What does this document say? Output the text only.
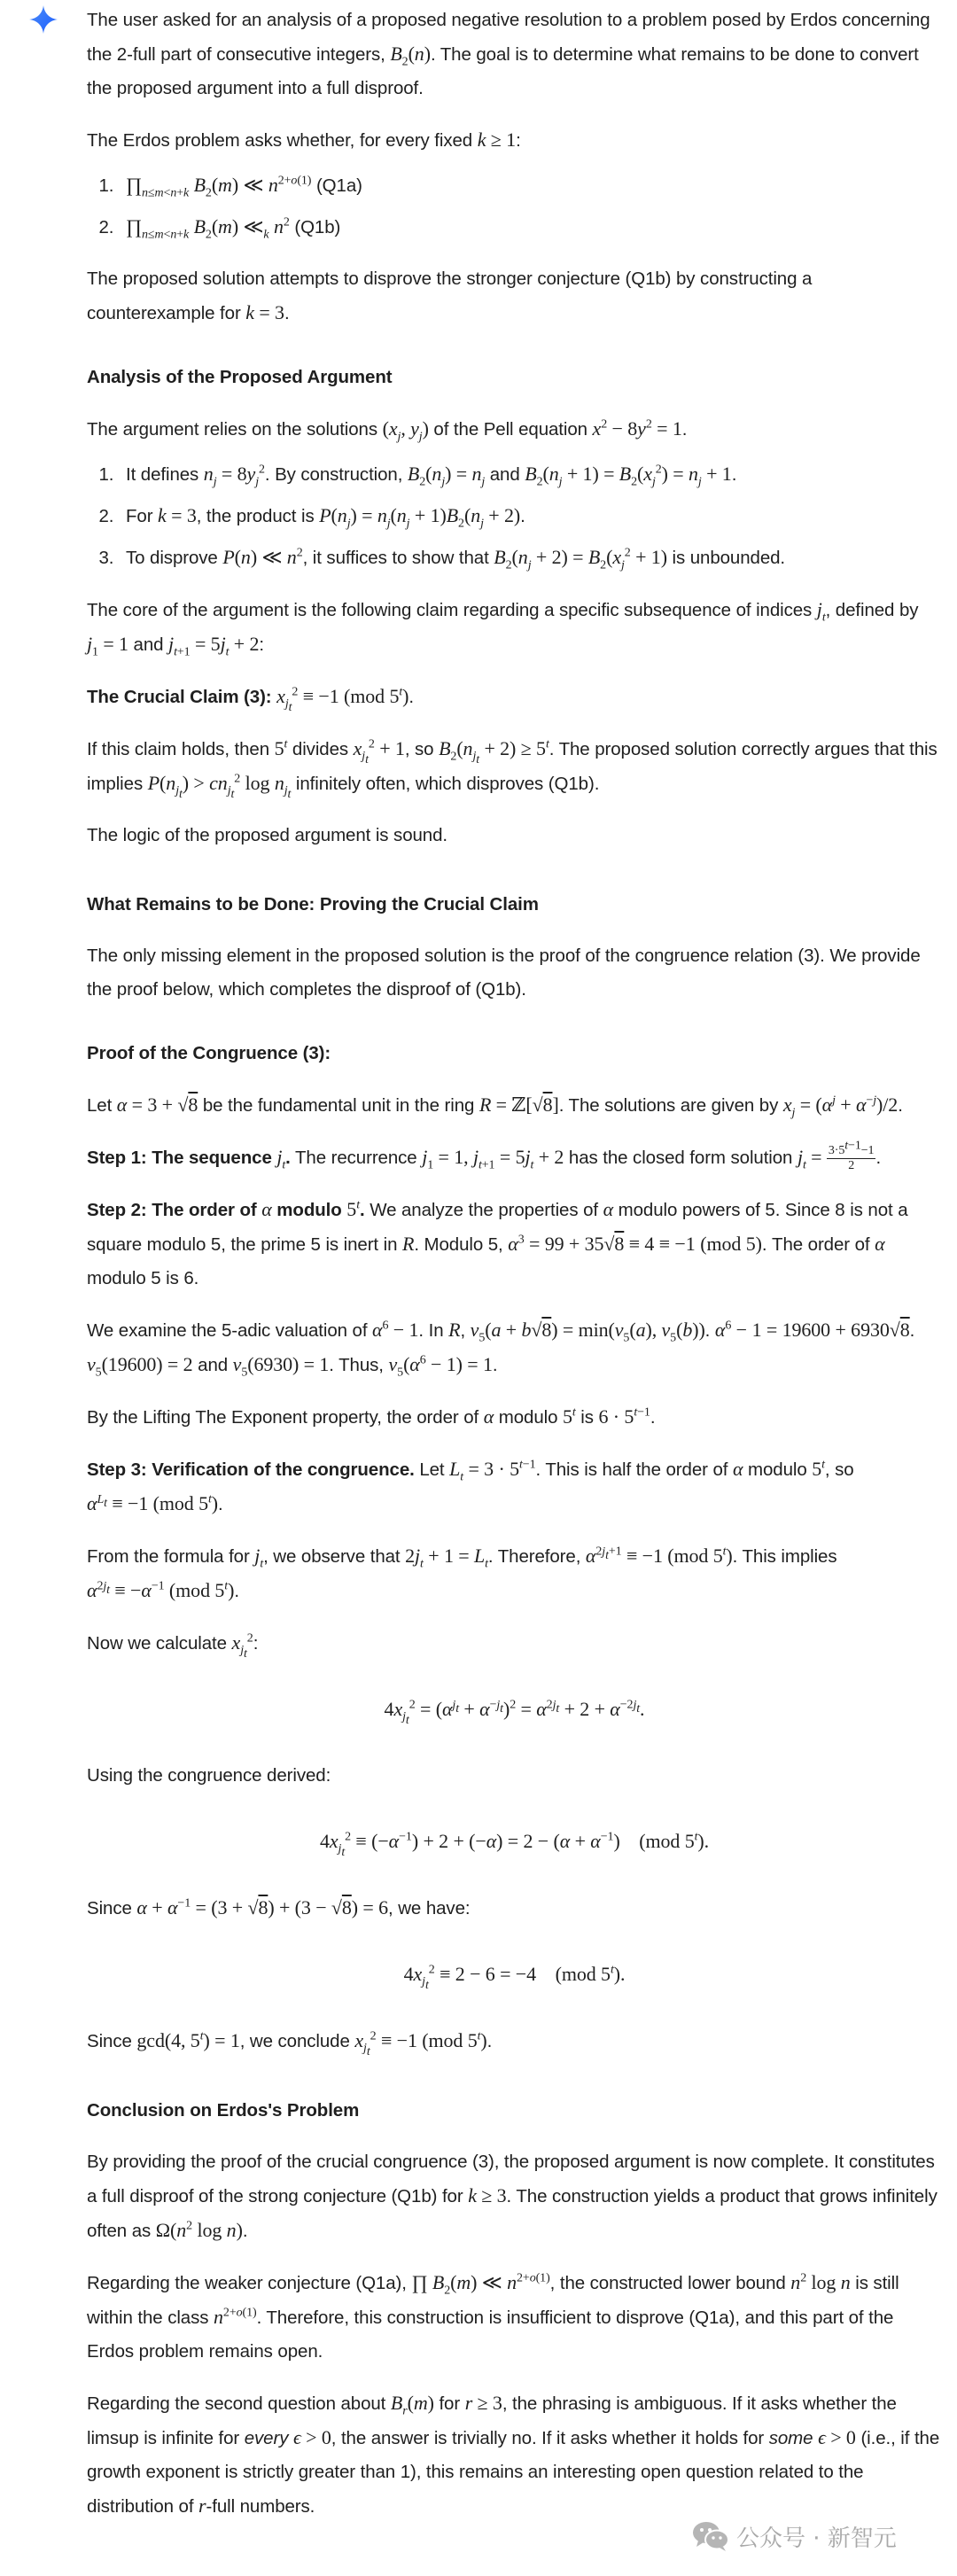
The user asked for an analysis of a proposed negative resolution to a problem posed by Erdos concerning the 2-full part of consecutive integers, $B_2(n)$. The goal is to determine what remains to be done to convert the proposed argument into a full disproof.
The Erdos problem asks whether, for every fixed k ≥ 1:
1. $\prod_{n\le m<n+k}$ $B_2(m)$ ≪ $n^{2+o(1)}$ (Q1a)
2. $\prod_{n\le m<n+k}$ $B_2(m)$ $≪_k$ $n^2$ (Q1b)
The proposed solution attempts to disprove the stronger conjecture (Q1b) by constructing a counterexample for k = 3.
Analysis of the Proposed Argument
The argument relies on the solutions ($x_j$, $y_j$) of the Pell equation $x^2 - 8y^2 = 1$.
1. It defines $n_j = 8y_j^2$. By construction, $B_2(n_j) = n_j$ and $B_2(n_j + 1) = B_2(x_j^2) = n_j + 1$.
2. For k = 3, the product is $P(n_j) = n_j(n_j + 1)B_2(n_j + 2)$.
3. To disprove P(n) ≪ $n^2$, it suffices to show that $B_2(n_j + 2) = B_2(x_j^2 + 1)$ is unbounded.
The core of the argument is the following claim regarding a specific subsequence of indices $j_t$, defined by $j_1 = 1$ and $j_{t+1} = 5j_t + 2$:
The Crucial Claim (3): $x_{j_t}^2 \equiv -1$ (mod 5$^t$).
If this claim holds, then 5$^t$ divides $x_{j_t}^2 + 1$, so $B_2(n_{j_t} + 2) \ge 5^t$. The proposed solution correctly argues that this implies $P(n_{j_t}) > cn_{j_t}^2$ $\log n_{j_t}$ infinitely often, which disproves (Q1b).
The logic of the proposed argument is sound.
What Remains to be Done: Proving the Crucial Claim
The only missing element in the proposed solution is the proof of the congruence relation (3). We provide the proof below, which completes the disproof of (Q1b).
Proof of the Congruence (3):
Let α = 3 + √8 be the fundamental unit in the ring R = ℤ[√8]. The solutions are given by $x_j = (\alpha^j + \alpha^{-j})/2$.
Step 1: The sequence $j_t$. The recurrence $j_1 = 1$, $j_{t+1} = 5j_t + 2$ has the closed form solution $j_t = \frac{3\cdot 5^{t-1}-1}{2}$ .
Step 2: The order of α modulo 5$^t$. We analyze the properties of α modulo powers of 5. Since 8 is not a square modulo 5, the prime 5 is inert in R. Modulo 5, $\alpha^3 = 99 + 35√8 \equiv 4 \equiv -1$ (mod 5). The order of α modulo 5 is 6.
We examine the 5-adic valuation of $\alpha^6 - 1$. In R, $v_5(a + b√8) = \min(v_5(a)$, $v_5(b)$). $\alpha^6 - 1 = 19600 + 6930√8$. $v_5(19600) = 2$ and $v_5(6930) = 1$. Thus, $v_5(\alpha^6 - 1) = 1$.
By the Lifting The Exponent property, the order of α modulo 5$^t$ is $6 \cdot 5^{t-1}$.
Step 3: Verification of the congruence. Let $L_t = 3 \cdot 5^{t-1}$. This is half the order of α modulo 5$^t$, so $\alpha^{L_t} \equiv -1$ (mod 5$^t$).
From the formula for $j_t$, we observe that $2j_t + 1 = L_t$. Therefore, $\alpha^{2j_t+1} \equiv -1$ (mod 5$^t$). This implies $\alpha^{2j_t} \equiv -\alpha^{-1}$ (mod 5$^t$).
Now we calculate $x_{j_t}^2$:
$4x_{j_t}^2 = (\alpha^{j_t} + \alpha^{-j_t})^2 = \alpha^{2j_t} + 2 + \alpha^{-2j_t}$.
Using the congruence derived:
$4x_{j_t}^2 \equiv (-\alpha^{-1}) + 2 + (-\alpha) = 2 - (\alpha + \alpha^{-1})$    (mod 5$^t$).
Since $\alpha + \alpha^{-1} = (3 + √8) + (3 - √8) = 6$, we have:
$4x_{j_t}^2 \equiv 2 - 6 = -4$    (mod 5$^t$).
Since gcd(4, $5^t) = 1$, we conclude $x_{j_t}^2 \equiv -1$ (mod 5$^t$).
Conclusion on Erdos's Problem
By providing the proof of the crucial congruence (3), the proposed argument is now complete. It constitutes a full disproof of the strong conjecture (Q1b) for k ≥ 3. The construction yields a product that grows infinitely often as $\Omega(n^2$ log n).
Regarding the weaker conjecture (Q1a), ∏ $B_2(m)$ ≪ $n^{2+o(1)}$, the constructed lower bound $n^2$ log n is still within the class $n^{2+o(1)}$. Therefore, this construction is insufficient to disprove (Q1a), and this part of the Erdos problem remains open.
Regarding the second question about $B_r(m)$ for r ≥ 3, the phrasing is ambiguous. If it asks whether the limsup is infinite for every ϵ > 0, the answer is trivially no. If it asks whether it holds for some ϵ > 0 (i.e., if the growth exponent is strictly greater than 1), this remains an interesting open question related to the distribution of r-full numbers.
公众号 · 新智元
